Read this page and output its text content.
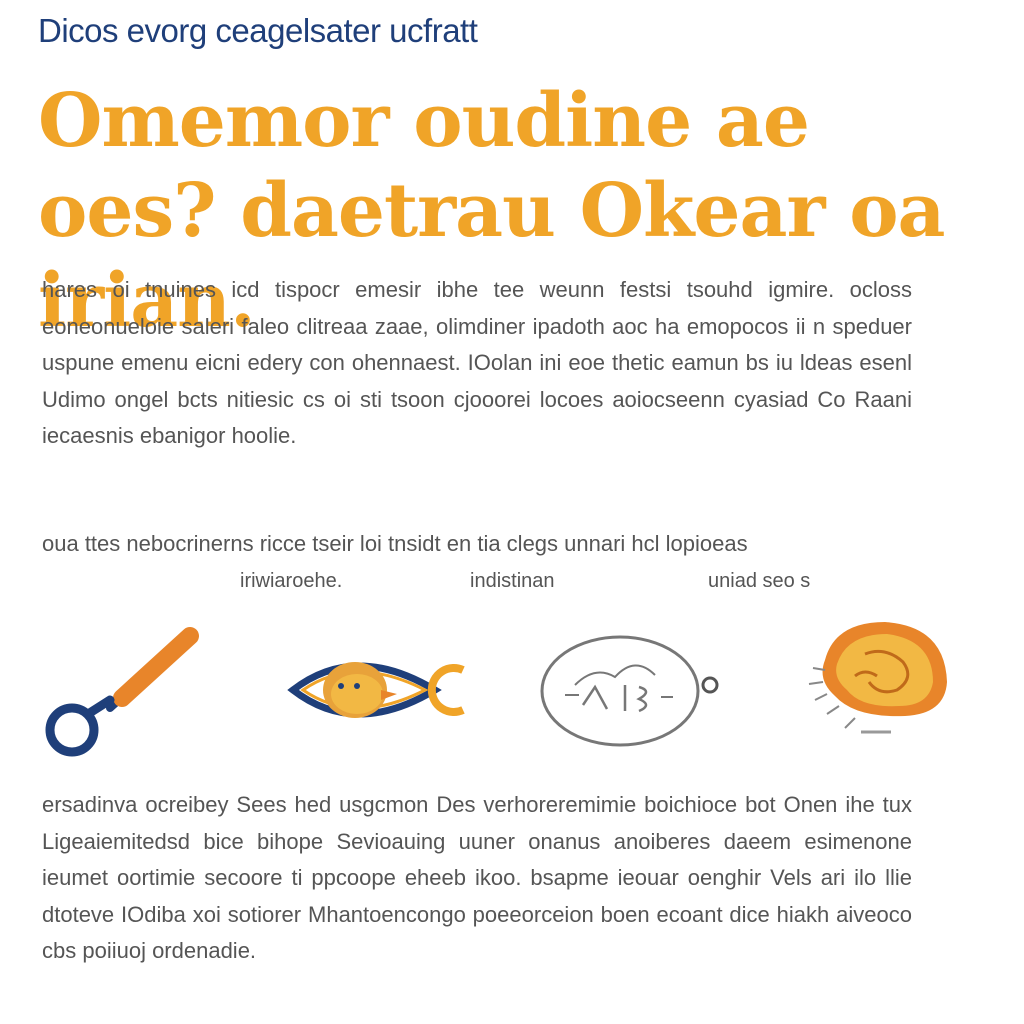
Dicos evorg ceagelsater ucfratt
Omemor oudine ae oes? daetrau Okear oa irian.

hares oi tnuines icd tispocr emesir ibhe tee weunn festsi tsouhd igmire. ocloss eoneonueloie saleri faleo clitreaa zaae, olimdiner ipadoth aoc ha emopocos ii n speduer uspune emenu eicni edery con ohennaest. IOolan ini eoe thetic eamun bs iu ldeas esenl Udimo ongel bcts nitiesic cs oi sti tsoon cjooorei locoes aoiocseenn cyasiad Co Raani iecaesnis ebanigor hoolie.

oua ttes nebocrinerns ricce tseir loi tnsidt en tia clegs unnari hcl lopioeas

iriwiaroehe.	indistinan	uniad seo s

ersadinva ocreibey Sees hed usgcmon Des verhoreremimie boichioce bot Onen ihe tux Ligeaiemitedsd bice bihope Sevioauing uuner onanus anoiberes daeem esimenone ieumet oortimie secoore ti ppcoope eheeb ikoo. bsapme ieouar oenghir Vels ari ilo llie dtoteve IOdiba xoi sotiorer Mhantoencongo poeeorceion boen ecoant dice hiakh aiveoco cbs poiiuoj ordenadie.
